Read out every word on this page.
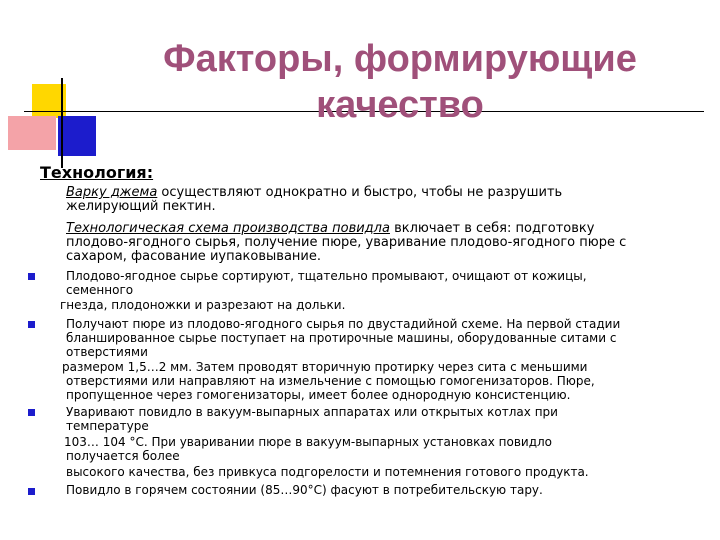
Факторы, формирующие
качество
Технология:
Варку джема осуществляют однократно и быстро, чтобы не разрушить
желирующий пектин.
Технологическая схема производства повидла включает в себя: подготовку
плодово-ягодного сырья, получение пюре, уваривание плодово-ягодного пюре с
сахаром, фасование иупаковывание.
Плодово-ягодное сырье сортируют, тщательно промывают, очищают от кожицы,
семенного
гнезда, плодоножки и разрезают на дольки.
Получают пюре из плодово-ягодного сырья по двустадийной схеме. На первой стадии
бланшированное сырье поступает на протирочные машины, оборудованные ситами с
отверстиями
размером 1,5…2 мм. Затем проводят вторичную протирку через сита с меньшими
отверстиями или направляют на измельчение с помощью гомогенизаторов. Пюре,
пропущенное через гомогенизаторы, имеет более однородную консистенцию.
Уваривают повидло в вакуум-выпарных аппаратах или открытых котлах при
температуре
103… 104 °С. При уваривании пюре в вакуум-выпарных установках повидло
получается более
высокого качества, без привкуса подгорелости и потемнения готового продукта.
Повидло в горячем состоянии (85…90°С) фасуют в потребительскую тару.
